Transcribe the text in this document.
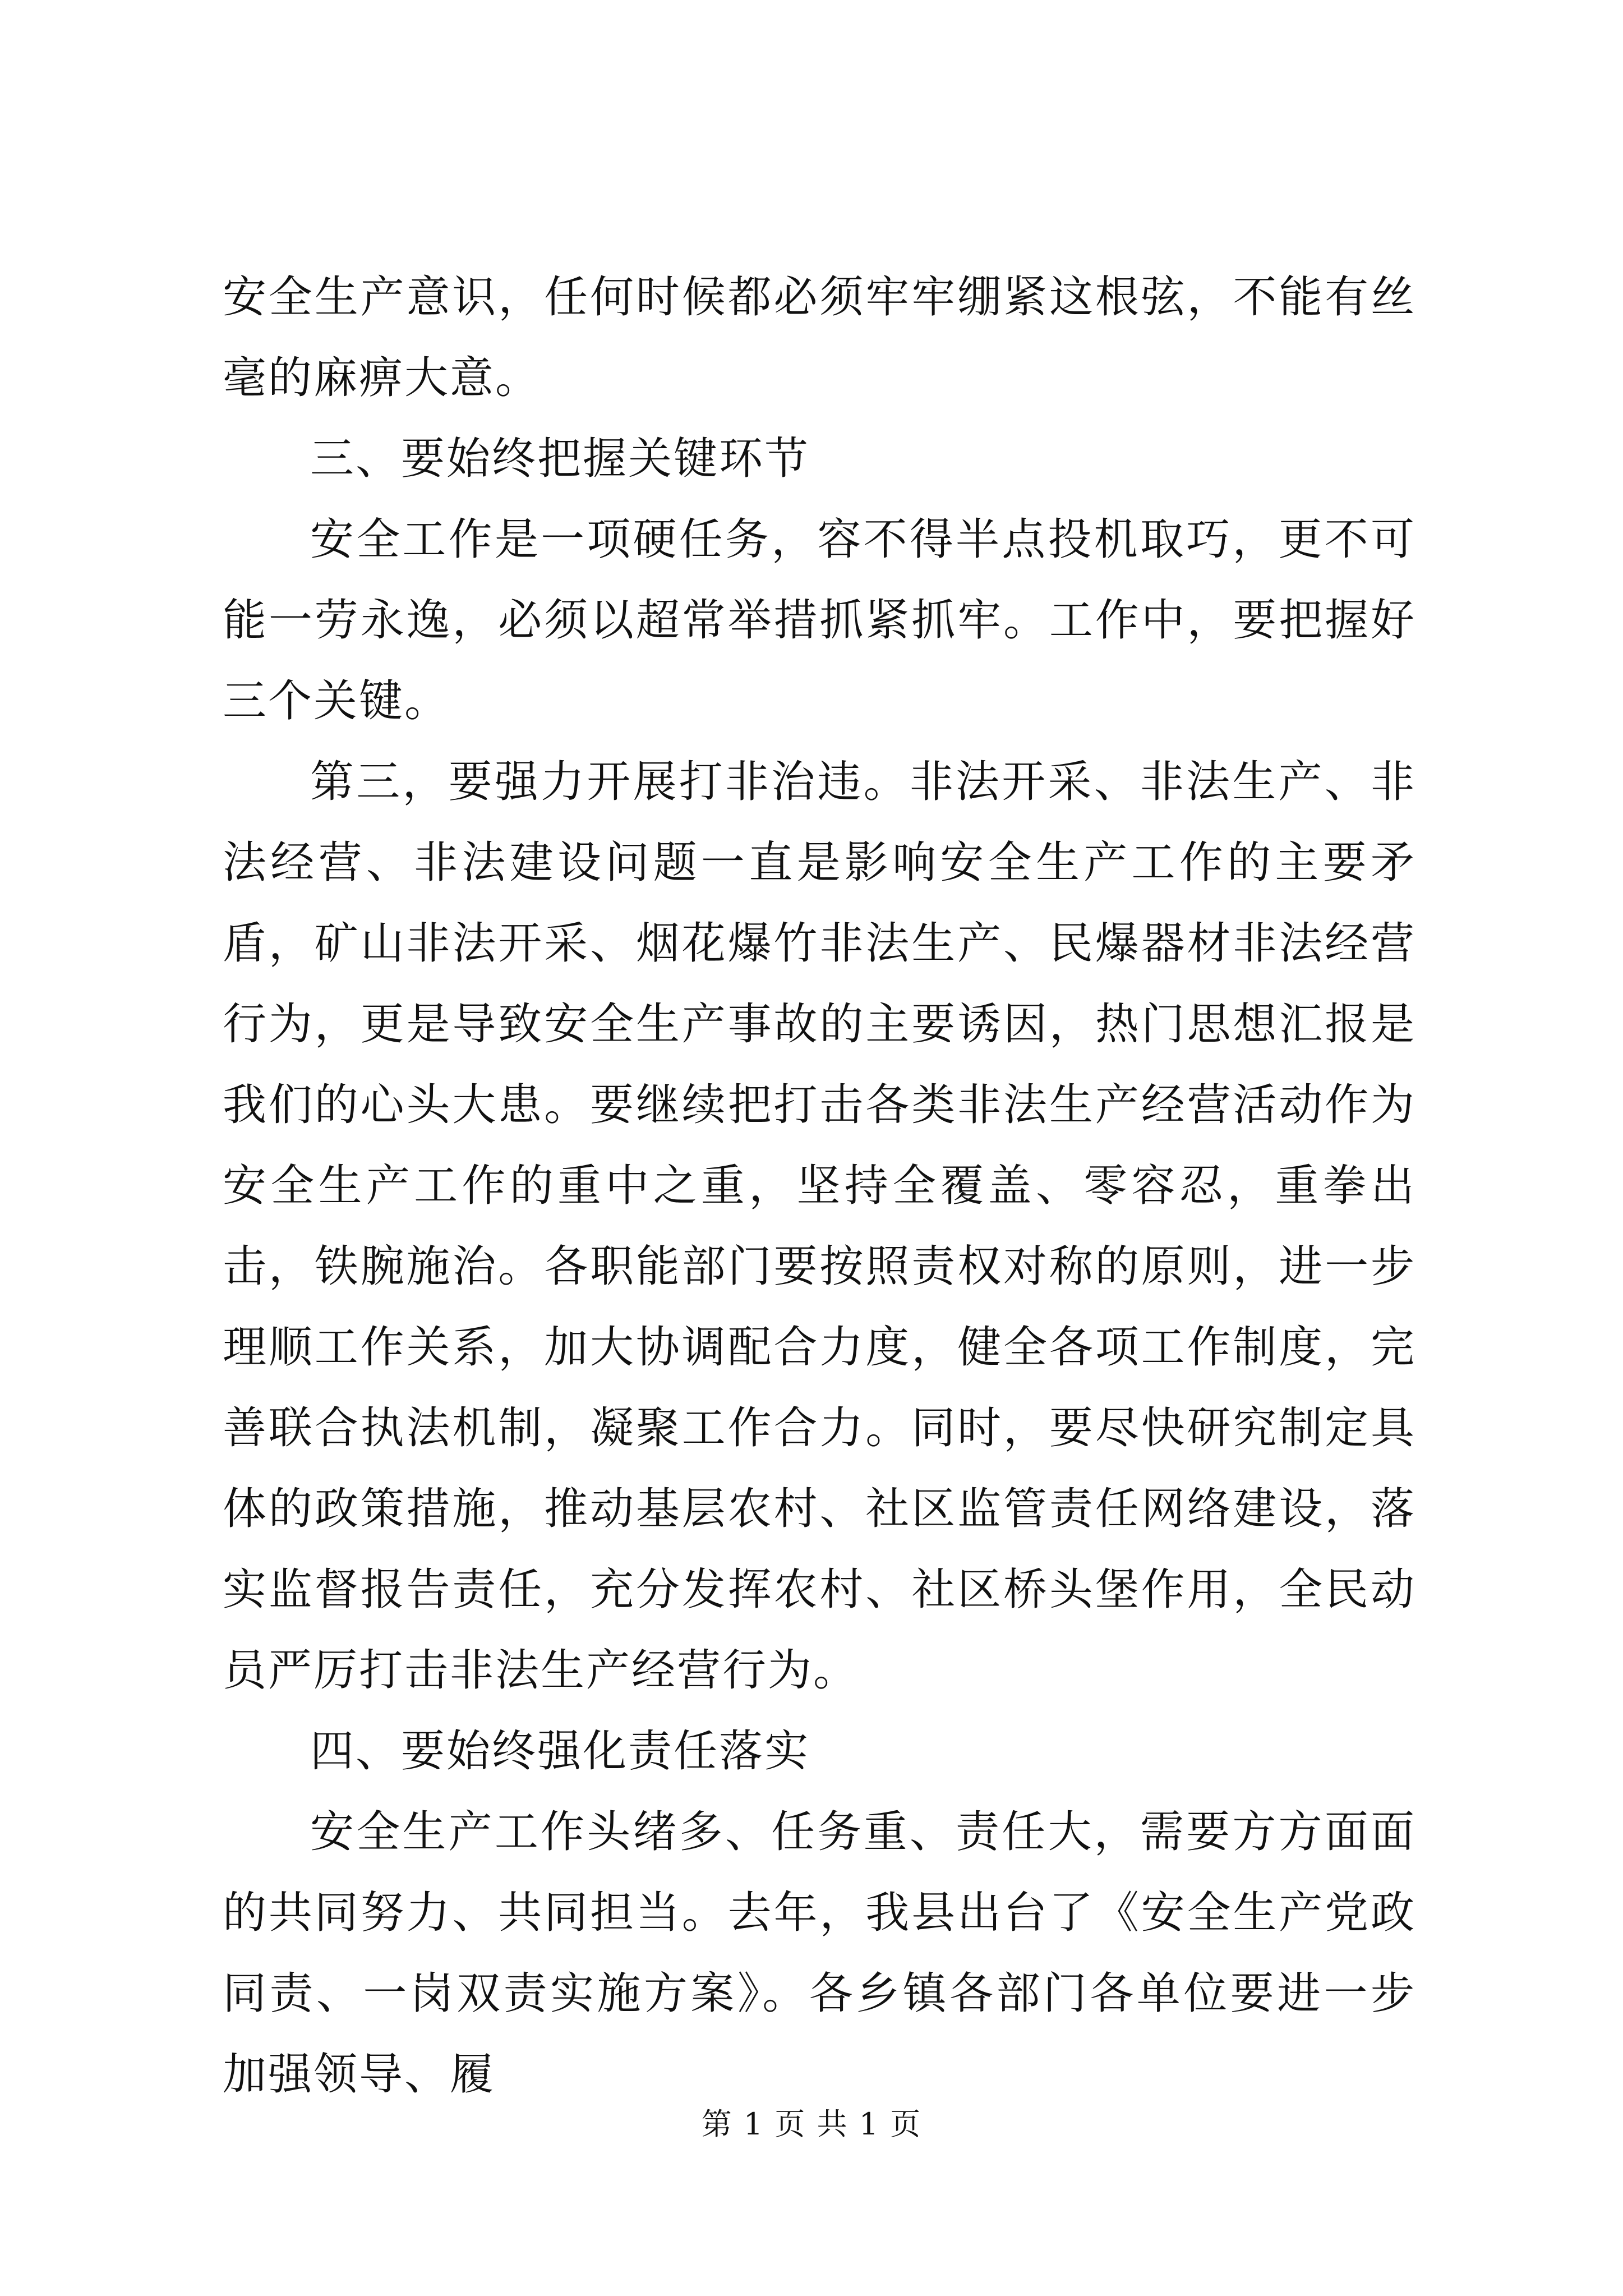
安全生产意识，任何时候都必须牢牢绷紧这根弦，不能有丝毫的麻痹大意。

三、要始终把握关键环节

安全工作是一项硬任务，容不得半点投机取巧，更不可能一劳永逸，必须以超常举措抓紧抓牢。工作中，要把握好三个关键。

第三，要强力开展打非治违。非法开采、非法生产、非法经营、非法建设问题一直是影响安全生产工作的主要矛盾，矿山非法开采、烟花爆竹非法生产、民爆器材非法经营行为，更是导致安全生产事故的主要诱因，热门思想汇报是我们的心头大患。要继续把打击各类非法生产经营活动作为安全生产工作的重中之重，坚持全覆盖、零容忍，重拳出击，铁腕施治。各职能部门要按照责权对称的原则，进一步理顺工作关系，加大协调配合力度，健全各项工作制度，完善联合执法机制，凝聚工作合力。同时，要尽快研究制定具体的政策措施，推动基层农村、社区监管责任网络建设，落实监督报告责任，充分发挥农村、社区桥头堡作用，全民动员严厉打击非法生产经营行为。

四、要始终强化责任落实

安全生产工作头绪多、任务重、责任大，需要方方面面的共同努力、共同担当。去年，我县出台了《安全生产党政同责、一岗双责实施方案》。各乡镇各部门各单位要进一步加强领导、履

第 1 页 共 1 页
